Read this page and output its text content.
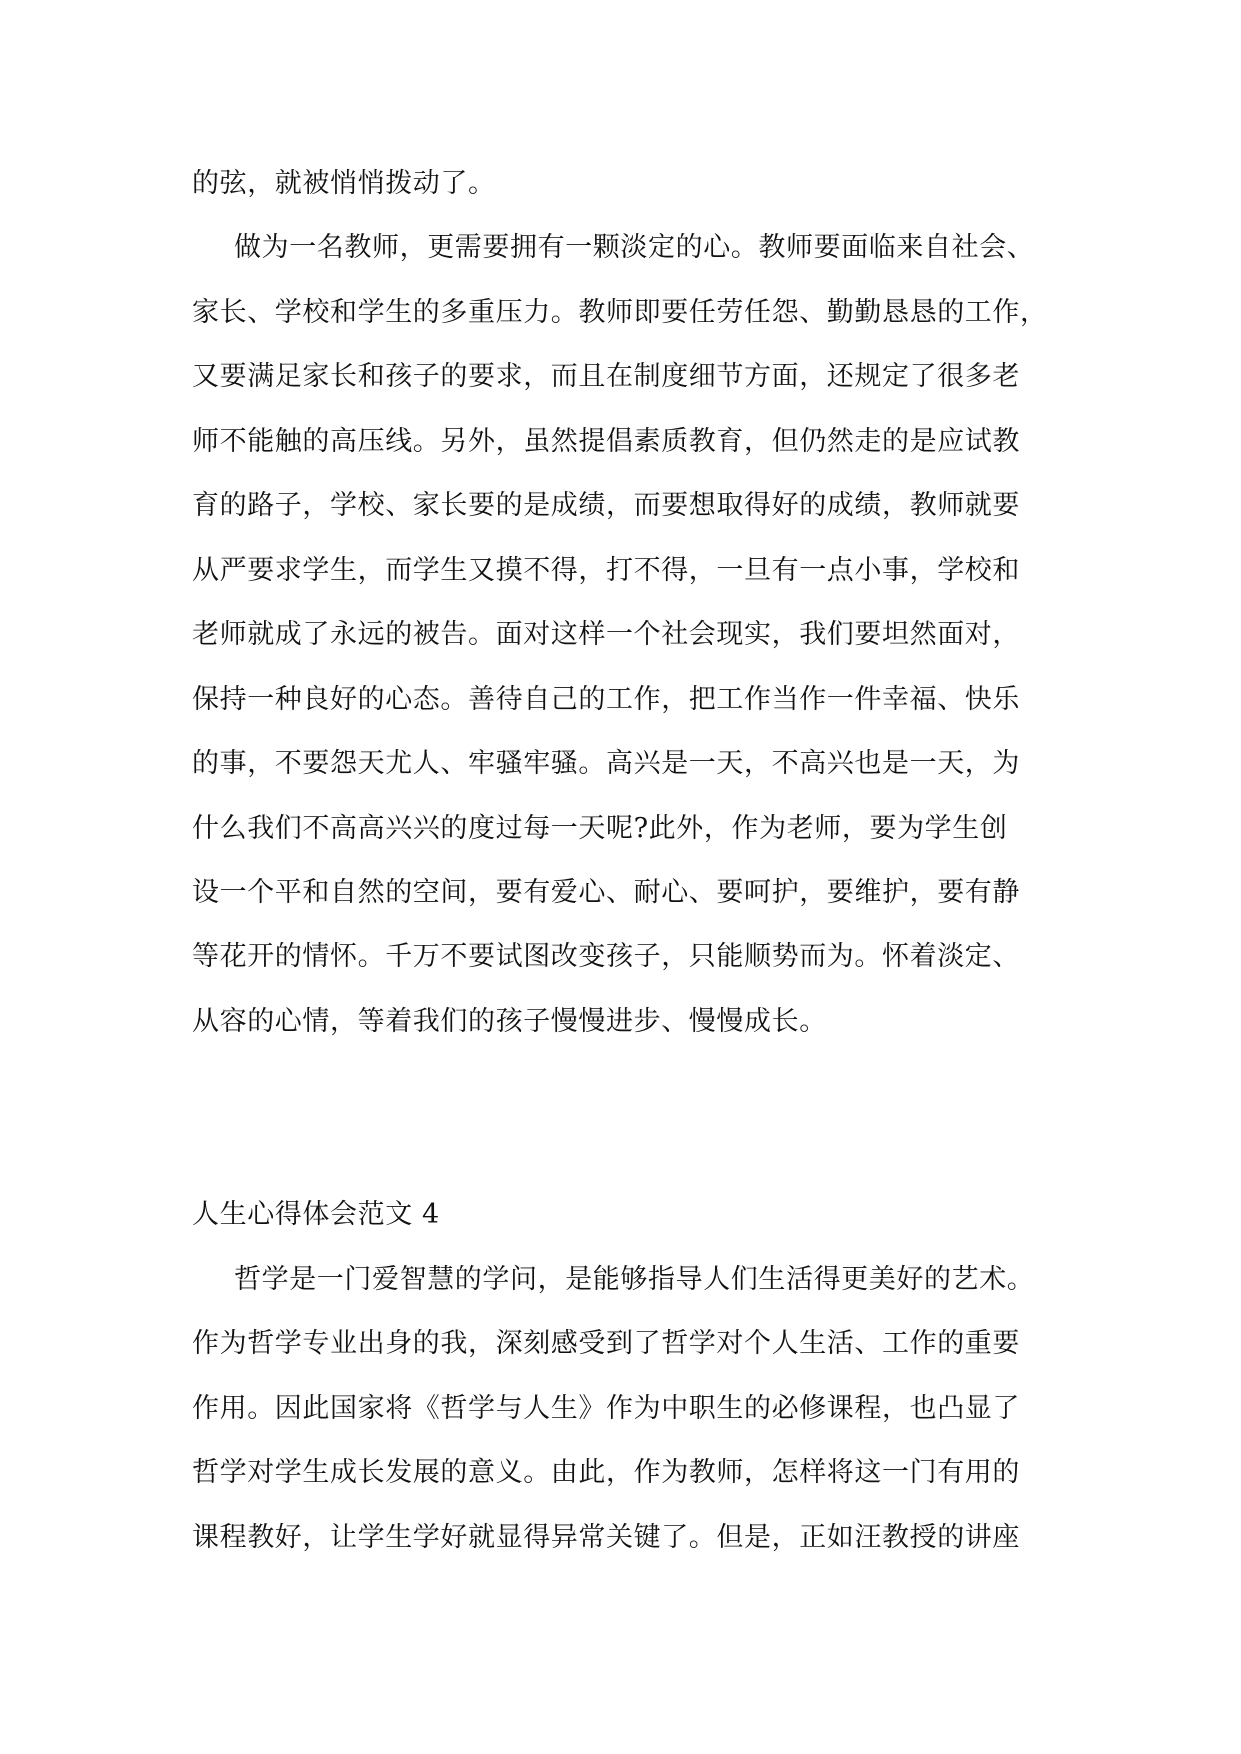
的弦，就被悄悄拨动了。
做为一名教师，更需要拥有一颗淡定的心。教师要面临来自社会、
家长、学校和学生的多重压力。教师即要任劳任怨、勤勤恳恳的工作，
又要满足家长和孩子的要求，而且在制度细节方面，还规定了很多老
师不能触的高压线。另外，虽然提倡素质教育，但仍然走的是应试教
育的路子，学校、家长要的是成绩，而要想取得好的成绩，教师就要
从严要求学生，而学生又摸不得，打不得，一旦有一点小事，学校和
老师就成了永远的被告。面对这样一个社会现实，我们要坦然面对，
保持一种良好的心态。善待自己的工作，把工作当作一件幸福、快乐
的事，不要怨天尤人、牢骚牢骚。高兴是一天，不高兴也是一天，为
什么我们不高高兴兴的度过每一天呢?此外，作为老师，要为学生创
设一个平和自然的空间，要有爱心、耐心、要呵护，要维护，要有静
等花开的情怀。千万不要试图改变孩子，只能顺势而为。怀着淡定、
从容的心情，等着我们的孩子慢慢进步、慢慢成长。
人生心得体会范文 4
哲学是一门爱智慧的学问，是能够指导人们生活得更美好的艺术。
作为哲学专业出身的我，深刻感受到了哲学对个人生活、工作的重要
作用。因此国家将《哲学与人生》作为中职生的必修课程，也凸显了
哲学对学生成长发展的意义。由此，作为教师，怎样将这一门有用的
课程教好，让学生学好就显得异常关键了。但是，正如汪教授的讲座
